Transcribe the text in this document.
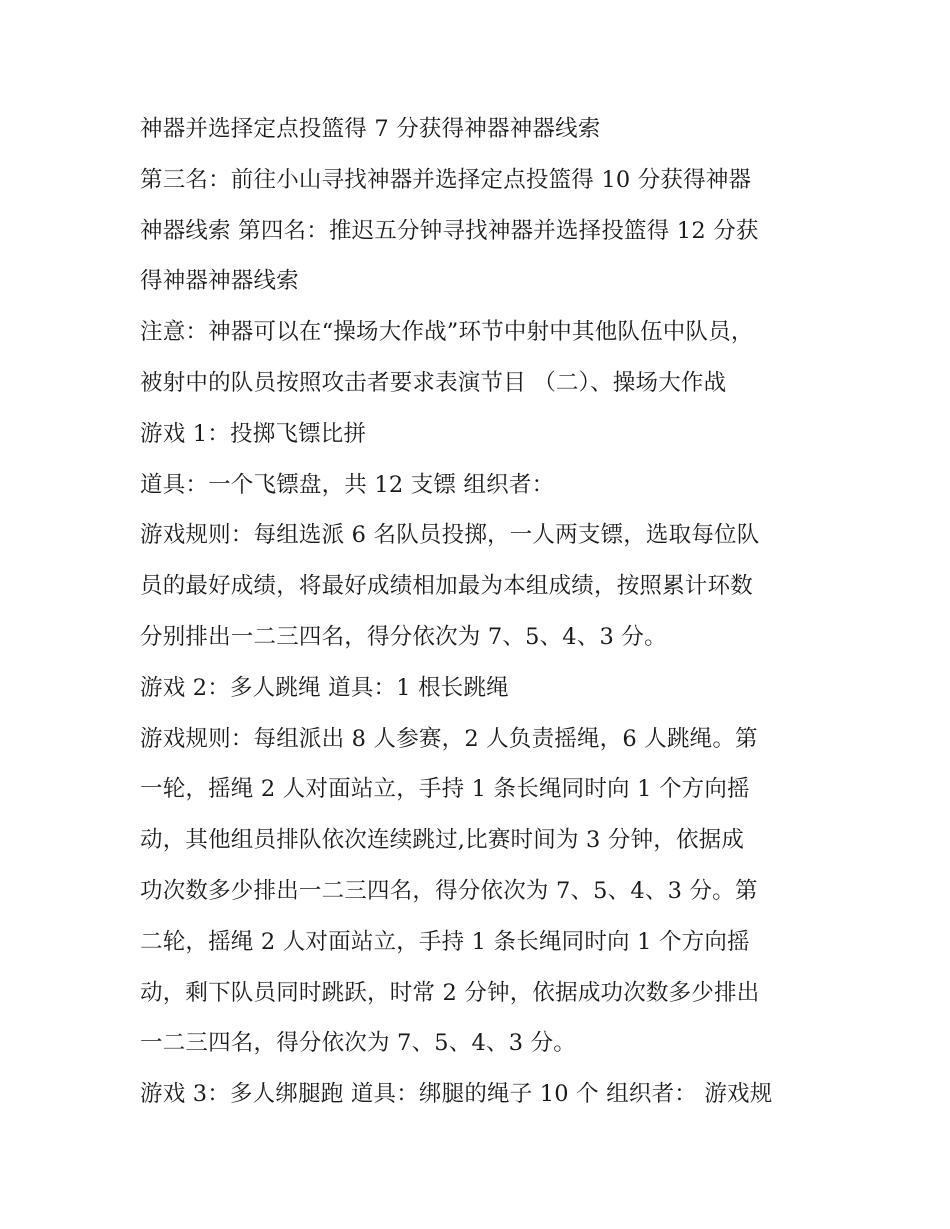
神器并选择定点投篮得 7 分获得神器神器线索
第三名：前往小山寻找神器并选择定点投篮得 10 分获得神器
神器线索 第四名：推迟五分钟寻找神器并选择投篮得 12 分获
得神器神器线索
注意：神器可以在“操场大作战”环节中射中其他队伍中队员，
被射中的队员按照攻击者要求表演节目 （二）、操场大作战
游戏 1：投掷飞镖比拼
道具：一个飞镖盘，共 12 支镖 组织者：
游戏规则：每组选派 6 名队员投掷，一人两支镖，选取每位队
员的最好成绩，将最好成绩相加最为本组成绩，按照累计环数
分别排出一二三四名，得分依次为 7、5、4、3 分。
游戏 2：多人跳绳 道具：1 根长跳绳
游戏规则：每组派出 8 人参赛，2 人负责摇绳，6 人跳绳。第
一轮，摇绳 2 人对面站立，手持 1 条长绳同时向 1 个方向摇
动，其他组员排队依次连续跳过,比赛时间为 3 分钟，依据成
功次数多少排出一二三四名，得分依次为 7、5、4、3 分。第
二轮，摇绳 2 人对面站立，手持 1 条长绳同时向 1 个方向摇
动，剩下队员同时跳跃，时常 2 分钟，依据成功次数多少排出
一二三四名，得分依次为 7、5、4、3 分。
游戏 3：多人绑腿跑 道具：绑腿的绳子 10 个 组织者： 游戏规
